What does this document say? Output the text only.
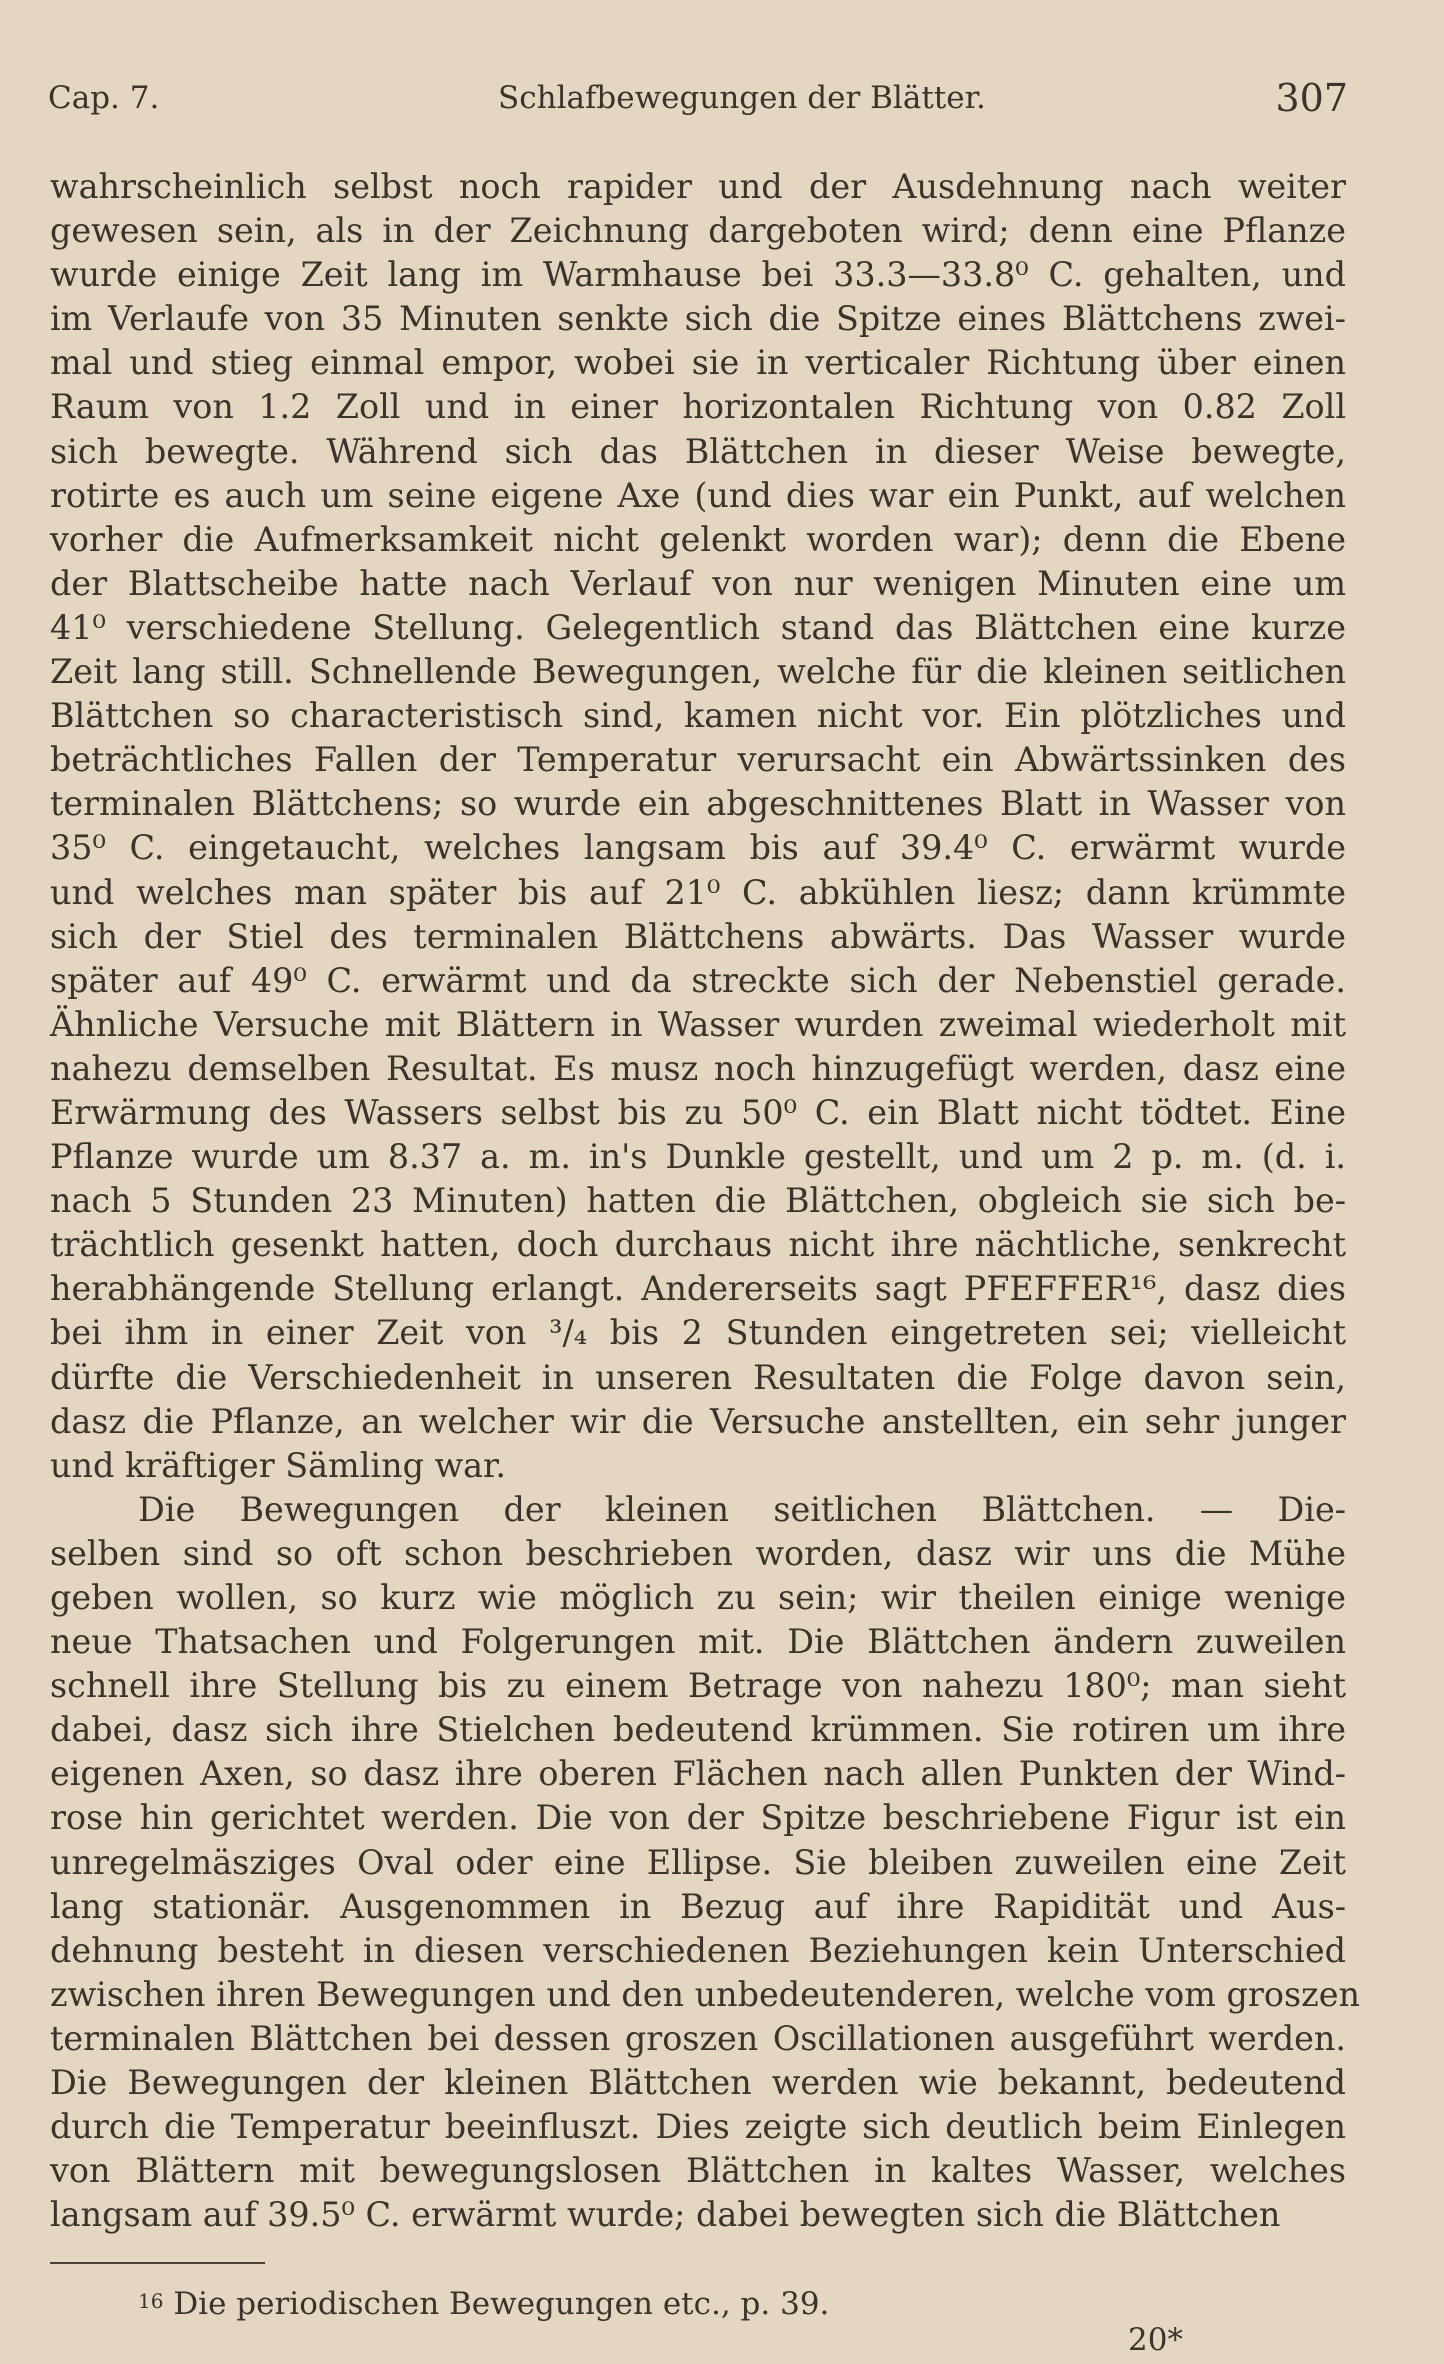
Cap. 7.	Schlafbewegungen der Blätter.	307
wahrscheinlich selbst noch rapider und der Ausdehnung nach weiter
gewesen sein, als in der Zeichnung dargeboten wird; denn eine Pflanze
wurde einige Zeit lang im Warmhause bei 33.3—33.8⁰ C. gehalten, und
im Verlaufe von 35 Minuten senkte sich die Spitze eines Blättchens zwei-
mal und stieg einmal empor, wobei sie in verticaler Richtung über einen
Raum von 1.2 Zoll und in einer horizontalen Richtung von 0.82 Zoll
sich bewegte. Während sich das Blättchen in dieser Weise bewegte,
rotirte es auch um seine eigene Axe (und dies war ein Punkt, auf welchen
vorher die Aufmerksamkeit nicht gelenkt worden war); denn die Ebene
der Blattscheibe hatte nach Verlauf von nur wenigen Minuten eine um
41⁰ verschiedene Stellung. Gelegentlich stand das Blättchen eine kurze
Zeit lang still. Schnellende Bewegungen, welche für die kleinen seitlichen
Blättchen so characteristisch sind, kamen nicht vor. Ein plötzliches und
beträchtliches Fallen der Temperatur verursacht ein Abwärtssinken des
terminalen Blättchens; so wurde ein abgeschnittenes Blatt in Wasser von
35⁰ C. eingetaucht, welches langsam bis auf 39.4⁰ C. erwärmt wurde
und welches man später bis auf 21⁰ C. abkühlen liesz; dann krümmte
sich der Stiel des terminalen Blättchens abwärts. Das Wasser wurde
später auf 49⁰ C. erwärmt und da streckte sich der Nebenstiel gerade.
Ähnliche Versuche mit Blättern in Wasser wurden zweimal wiederholt mit
nahezu demselben Resultat. Es musz noch hinzugefügt werden, dasz eine
Erwärmung des Wassers selbst bis zu 50⁰ C. ein Blatt nicht tödtet. Eine
Pflanze wurde um 8.37 a. m. in's Dunkle gestellt, und um 2 p. m. (d. i.
nach 5 Stunden 23 Minuten) hatten die Blättchen, obgleich sie sich be-
trächtlich gesenkt hatten, doch durchaus nicht ihre nächtliche, senkrecht
herabhängende Stellung erlangt. Andererseits sagt PFEFFER¹⁶, dasz dies
bei ihm in einer Zeit von ³/₄ bis 2 Stunden eingetreten sei; vielleicht
dürfte die Verschiedenheit in unseren Resultaten die Folge davon sein,
dasz die Pflanze, an welcher wir die Versuche anstellten, ein sehr junger
und kräftiger Sämling war.
Die Bewegungen der kleinen seitlichen Blättchen. — Die-
selben sind so oft schon beschrieben worden, dasz wir uns die Mühe
geben wollen, so kurz wie möglich zu sein; wir theilen einige wenige
neue Thatsachen und Folgerungen mit. Die Blättchen ändern zuweilen
schnell ihre Stellung bis zu einem Betrage von nahezu 180⁰; man sieht
dabei, dasz sich ihre Stielchen bedeutend krümmen. Sie rotiren um ihre
eigenen Axen, so dasz ihre oberen Flächen nach allen Punkten der Wind-
rose hin gerichtet werden. Die von der Spitze beschriebene Figur ist ein
unregelmäsziges Oval oder eine Ellipse. Sie bleiben zuweilen eine Zeit
lang stationär. Ausgenommen in Bezug auf ihre Rapidität und Aus-
dehnung besteht in diesen verschiedenen Beziehungen kein Unterschied
zwischen ihren Bewegungen und den unbedeutenderen, welche vom groszen
terminalen Blättchen bei dessen groszen Oscillationen ausgeführt werden.
Die Bewegungen der kleinen Blättchen werden wie bekannt, bedeutend
durch die Temperatur beeinfluszt. Dies zeigte sich deutlich beim Einlegen
von Blättern mit bewegungslosen Blättchen in kaltes Wasser, welches
langsam auf 39.5⁰ C. erwärmt wurde; dabei bewegten sich die Blättchen
$^{16}$ Die periodischen Bewegungen etc., p. 39.
20*
